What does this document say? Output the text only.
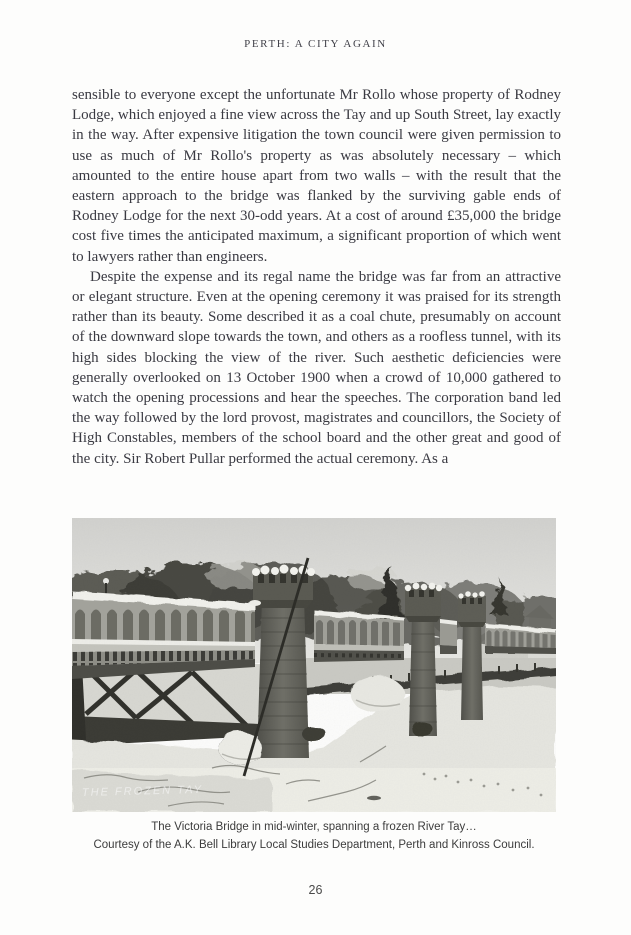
PERTH: A CITY AGAIN

sensible to everyone except the unfortunate Mr Rollo whose property of Rodney Lodge, which enjoyed a fine view across the Tay and up South Street, lay exactly in the way. After expensive litigation the town council were given permission to use as much of Mr Rollo's property as was absolutely necessary – which amounted to the entire house apart from two walls – with the result that the eastern approach to the bridge was flanked by the surviving gable ends of Rodney Lodge for the next 30-odd years. At a cost of around £35,000 the bridge cost five times the anticipated maximum, a significant proportion of which went to lawyers rather than engineers.

Despite the expense and its regal name the bridge was far from an attractive or elegant structure. Even at the opening ceremony it was praised for its strength rather than its beauty. Some described it as a coal chute, presumably on account of the downward slope towards the town, and others as a roofless tunnel, with its high sides blocking the view of the river. Such aesthetic deficiencies were generally overlooked on 13 October 1900 when a crowd of 10,000 gathered to watch the opening processions and hear the speeches. The corporation band led the way followed by the lord provost, magistrates and councillors, the Society of High Constables, members of the school board and the other great and good of the city. Sir Robert Pullar performed the actual ceremony. As a

THE FROZEN TAY
The Victoria Bridge in mid-winter, spanning a frozen River Tay…
Courtesy of the A.K. Bell Library Local Studies Department, Perth and Kinross Council.
26
